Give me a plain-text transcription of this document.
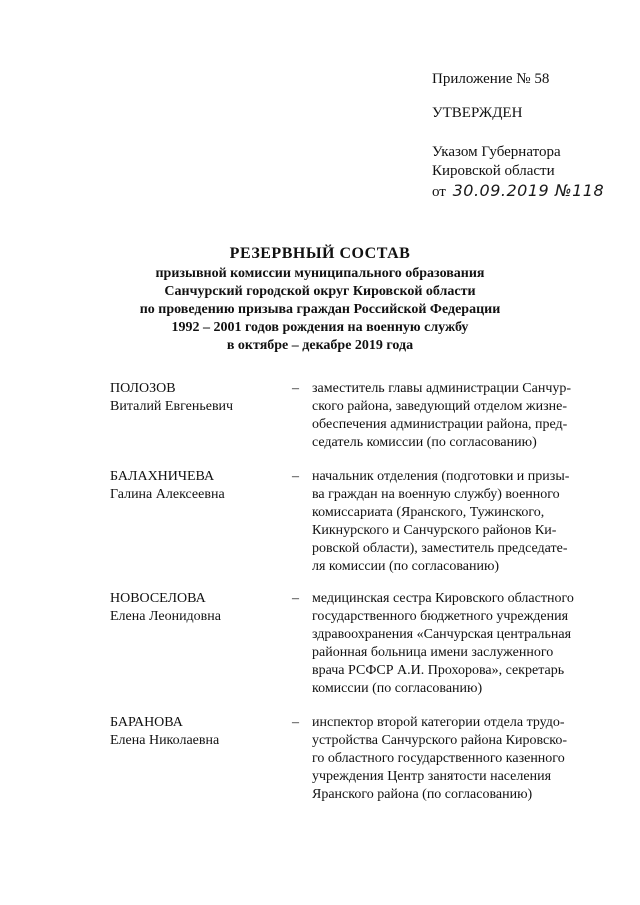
Приложение № 58
УТВЕРЖДЕН
Указом Губернатора
Кировской области
от 30.09.2019 №118
РЕЗЕРВНЫЙ СОСТАВ
призывной комиссии муниципального образования
Санчурский городской округ Кировской области
по проведению призыва граждан Российской Федерации
1992 – 2001 годов рождения на военную службу
в октябре – декабре 2019 года
ПОЛОЗОВ
Виталий Евгеньевич
– заместитель главы администрации Санчур-
ского района, заведующий отделом жизне-
обеспечения администрации района, пред-
седатель комиссии (по согласованию)
БАЛАХНИЧЕВА
Галина Алексеевна
– начальник отделения (подготовки и призы-
ва граждан на военную службу) военного
комиссариата (Яранского, Тужинского,
Кикнурского и Санчурского районов Ки-
ровской области), заместитель председате-
ля комиссии (по согласованию)
НОВОСЕЛОВА
Елена Леонидовна
– медицинская сестра Кировского областного
государственного бюджетного учреждения
здравоохранения «Санчурская центральная
районная больница имени заслуженного
врача РСФСР А.И. Прохорова», секретарь
комиссии (по согласованию)
БАРАНОВА
Елена Николаевна
– инспектор второй категории отдела трудо-
устройства Санчурского района Кировско-
го областного государственного казенного
учреждения Центр занятости населения
Яранского района (по согласованию)
